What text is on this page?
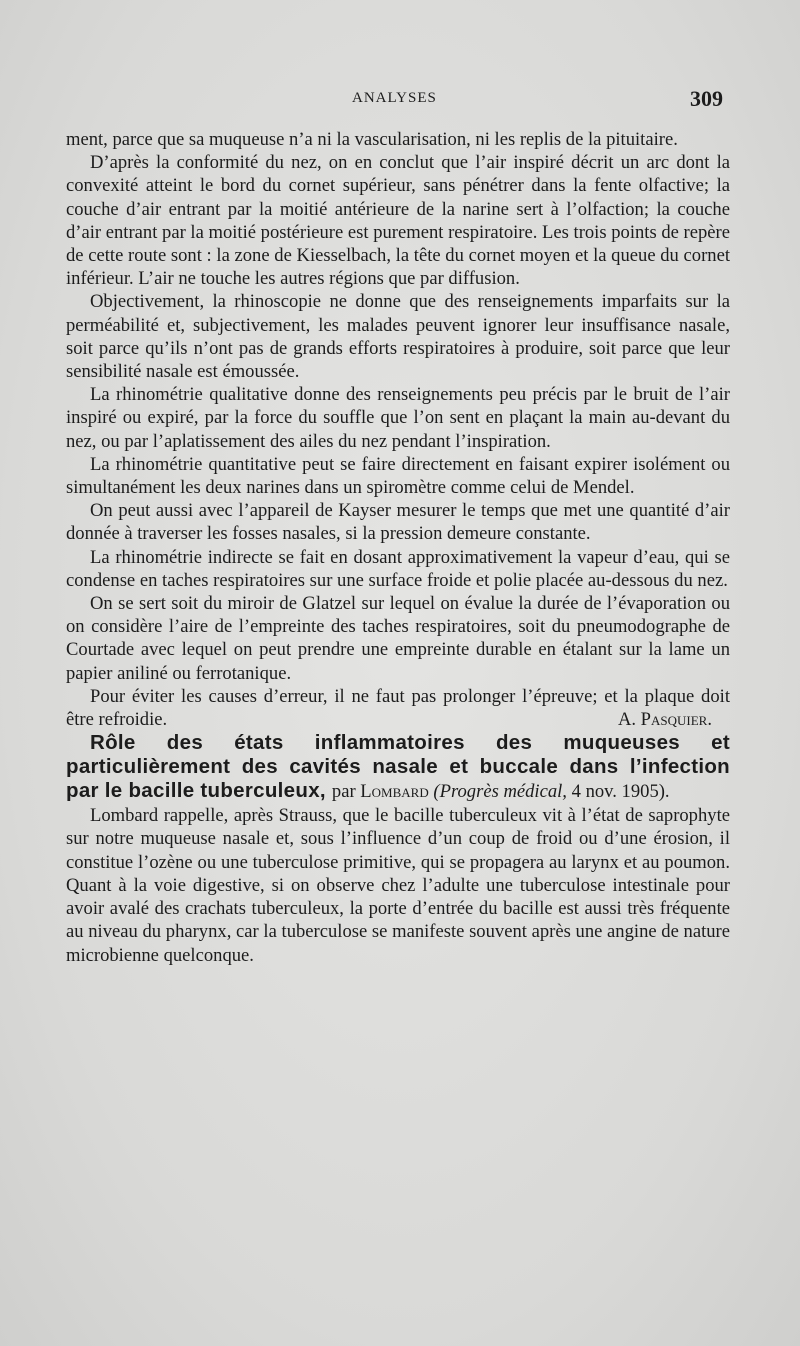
ANALYSES	309

ment, parce que sa muqueuse n’a ni la vascularisation, ni les replis de la pituitaire.

D’après la conformité du nez, on en conclut que l’air inspiré décrit un arc dont la convexité atteint le bord du cornet supérieur, sans pénétrer dans la fente olfactive; la couche d’air entrant par la moitié antérieure de la narine sert à l’olfaction; la couche d’air entrant par la moitié postérieure est purement respiratoire. Les trois points de repère de cette route sont : la zone de Kiesselbach, la tête du cornet moyen et la queue du cornet inférieur. L’air ne touche les autres régions que par diffusion.

Objectivement, la rhinoscopie ne donne que des renseignements imparfaits sur la perméabilité et, subjectivement, les malades peuvent ignorer leur insuffisance nasale, soit parce qu’ils n’ont pas de grands efforts respiratoires à produire, soit parce que leur sensibilité nasale est émoussée.

La rhinométrie qualitative donne des renseignements peu précis par le bruit de l’air inspiré ou expiré, par la force du souffle que l’on sent en plaçant la main au-devant du nez, ou par l’aplatissement des ailes du nez pendant l’inspiration.

La rhinométrie quantitative peut se faire directement en faisant expirer isolément ou simultanément les deux narines dans un spiromètre comme celui de Mendel.

On peut aussi avec l’appareil de Kayser mesurer le temps que met une quantité d’air donnée à traverser les fosses nasales, si la pression demeure constante.

La rhinométrie indirecte se fait en dosant approximativement la vapeur d’eau, qui se condense en taches respiratoires sur une surface froide et polie placée au-dessous du nez.

On se sert soit du miroir de Glatzel sur lequel on évalue la durée de l’évaporation ou on considère l’aire de l’empreinte des taches respiratoires, soit du pneumodographe de Courtade avec lequel on peut prendre une empreinte durable en étalant sur la lame un papier aniliné ou ferrotanique.

Pour éviter les causes d’erreur, il ne faut pas prolonger l’épreuve; et la plaque doit être refroidie.	A. Pasquier.

Rôle des états inflammatoires des muqueuses et particulièrement des cavités nasale et buccale dans l’infection par le bacille tuberculeux, par Lombard (Progrès médical, 4 nov. 1905).

Lombard rappelle, après Strauss, que le bacille tuberculeux vit à l’état de saprophyte sur notre muqueuse nasale et, sous l’influence d’un coup de froid ou d’une érosion, il constitue l’ozène ou une tuberculose primitive, qui se propagera au larynx et au poumon. Quant à la voie digestive, si on observe chez l’adulte une tuberculose intestinale pour avoir avalé des crachats tuberculeux, la porte d’entrée du bacille est aussi très fréquente au niveau du pharynx, car la tuberculose se manifeste souvent après une angine de nature microbienne quelconque.
